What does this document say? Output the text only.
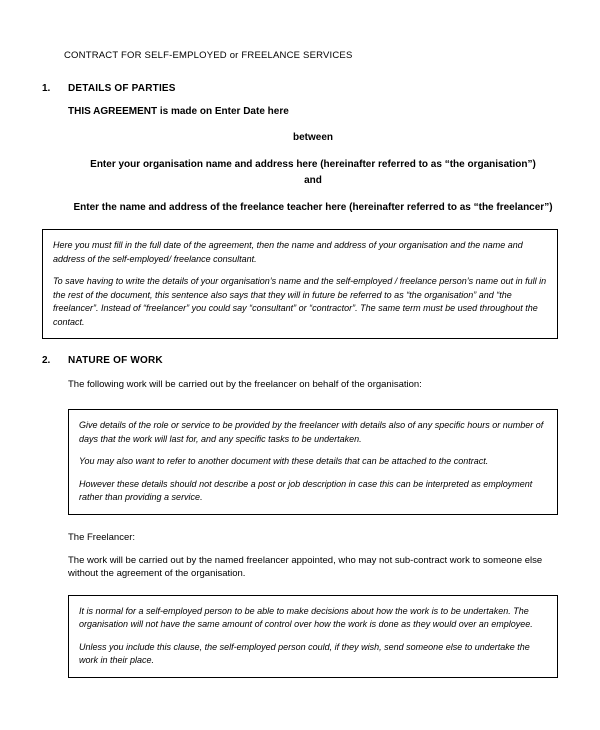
CONTRACT FOR SELF-EMPLOYED or FREELANCE SERVICES
1.	DETAILS OF PARTIES

THIS AGREEMENT is made on Enter Date here

between

Enter your organisation name and address here (hereinafter referred to as “the organisation”)

and

Enter the name and address of the freelance teacher here (hereinafter referred to as “the freelancer”)

Here you must fill in the full date of the agreement, then the name and address of your organisation and the name and address of the self-employed/ freelance consultant.

To save having to write the details of your organisation’s name and the self-employed / freelance person’s name out in full in the rest of the document, this sentence also says that they will in future be referred to as “the organisation” and “the freelancer”. Instead of “freelancer” you could say “consultant” or “contractor”. The same term must be used throughout the contact.

2.	NATURE OF WORK

The following work will be carried out by the freelancer on behalf of the organisation:

Give details of the role or service to be provided by the freelancer with details also of any specific hours or number of days that the work will last for, and any specific tasks to be undertaken.

You may also want to refer to another document with these details that can be attached to the contract.

However these details should not describe a post or job description in case this can be interpreted as employment rather than providing a service.

The Freelancer:

The work will be carried out by the named freelancer appointed, who may not sub-contract work to someone else without the agreement of the organisation.

It is normal for a self-employed person to be able to make decisions about how the work is to be undertaken. The organisation will not have the same amount of control over how the work is done as they would over an employee.

Unless you include this clause, the self-employed person could, if they wish, send someone else to undertake the work in their place.
